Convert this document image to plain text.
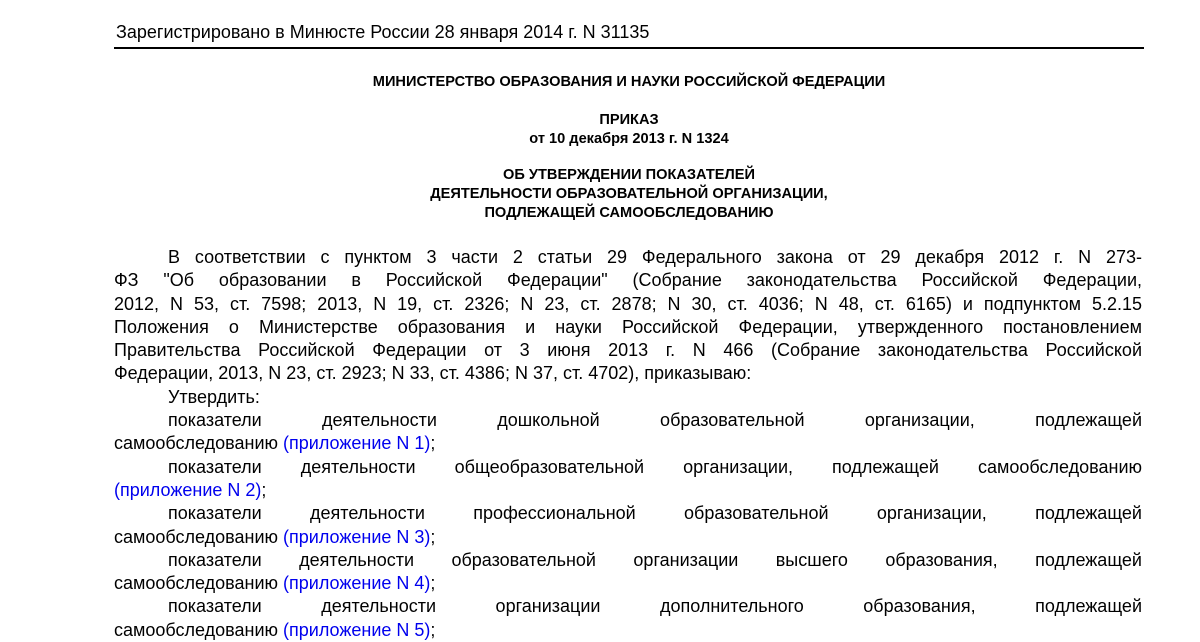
Зарегистрировано в Минюсте России 28 января 2014 г. N 31135
МИНИСТЕРСТВО ОБРАЗОВАНИЯ И НАУКИ РОССИЙСКОЙ ФЕДЕРАЦИИ
ПРИКАЗ
от 10 декабря 2013 г. N 1324
ОБ УТВЕРЖДЕНИИ ПОКАЗАТЕЛЕЙ
ДЕЯТЕЛЬНОСТИ ОБРАЗОВАТЕЛЬНОЙ ОРГАНИЗАЦИИ,
ПОДЛЕЖАЩЕЙ САМООБСЛЕДОВАНИЮ
В соответствии с пунктом 3 части 2 статьи 29 Федерального закона от 29 декабря 2012 г. N 273-
ФЗ "Об образовании в Российской Федерации" (Собрание законодательства Российской Федерации,
2012, N 53, ст. 7598; 2013, N 19, ст. 2326; N 23, ст. 2878; N 30, ст. 4036; N 48, ст. 6165) и подпунктом 5.2.15
Положения о Министерстве образования и науки Российской Федерации, утвержденного постановлением
Правительства Российской Федерации от 3 июня 2013 г. N 466 (Собрание законодательства Российской
Федерации, 2013, N 23, ст. 2923; N 33, ст. 4386; N 37, ст. 4702), приказываю:
Утвердить:
показатели деятельности дошкольной образовательной организации, подлежащей
самообследованию (приложение N 1);
показатели деятельности общеобразовательной организации, подлежащей самообследованию
(приложение N 2);
показатели деятельности профессиональной образовательной организации, подлежащей
самообследованию (приложение N 3);
показатели деятельности образовательной организации высшего образования, подлежащей
самообследованию (приложение N 4);
показатели деятельности организации дополнительного образования, подлежащей
самообследованию (приложение N 5);
